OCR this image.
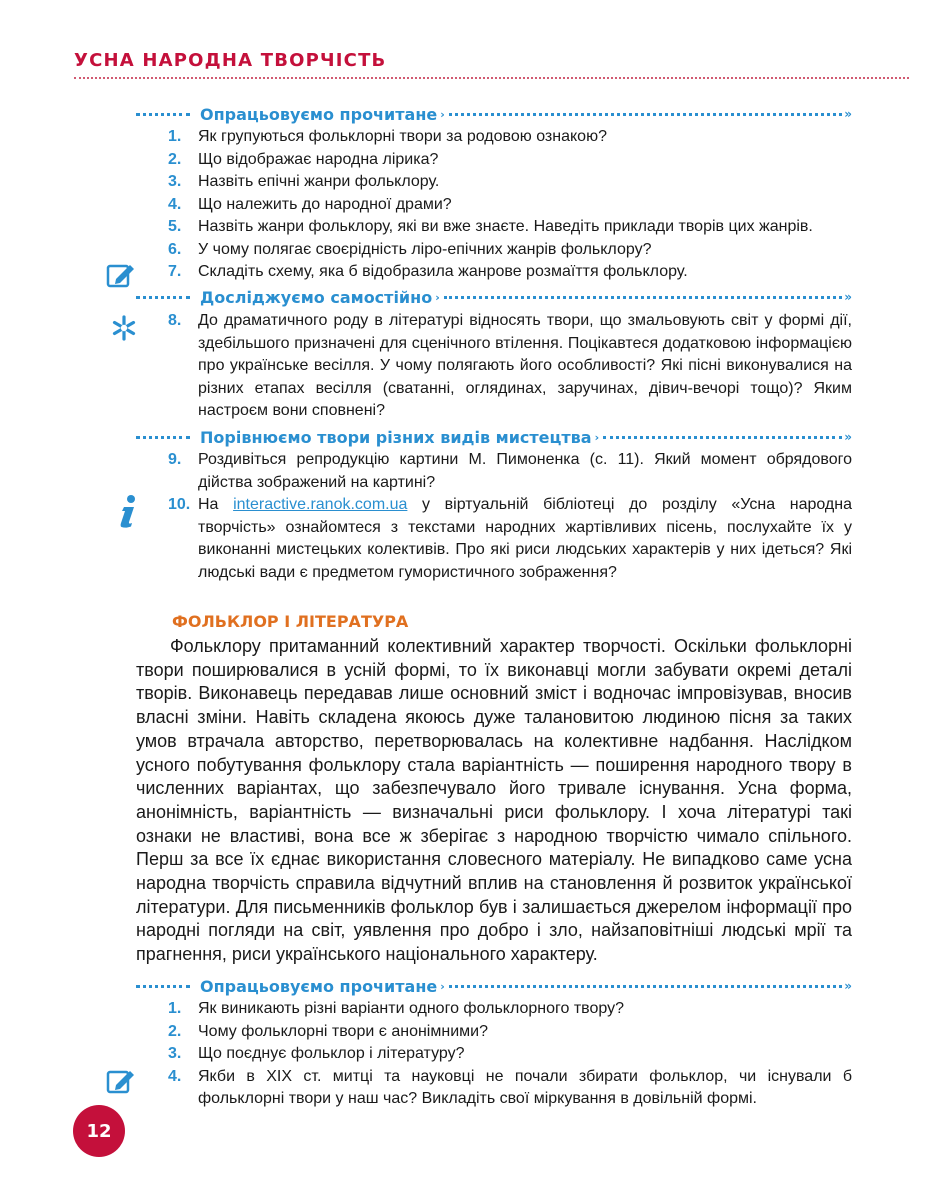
УСНА НАРОДНА ТВОРЧІСТЬ
Опрацьовуємо прочитане ›	»
1.	Як групуються фольклорні твори за родовою ознакою?
2.	Що відображає народна лірика?
3.	Назвіть епічні жанри фольклору.
4.	Що належить до народної драми?
5.	Назвіть жанри фольклору, які ви вже знаєте. Наведіть приклади творів цих жанрів.
6.	У чому полягає своєрідність ліро-епічних жанрів фольклору?
7.	Складіть схему, яка б відобразила жанрове розмаїття фольклору.
Досліджуємо самостійно ›	»
8.	До драматичного роду в літературі відносять твори, що змальовують світ у формі дії, здебільшого призначені для сценічного втілення. Поцікавтеся додатковою інформацією про українське весілля. У чому полягають його особливості? Які пісні виконувалися на різних етапах весілля (сватанні, оглядинах, заручинах, дівич-вечорі тощо)? Яким настроєм вони сповнені?
Порівнюємо твори різних видів мистецтва ›	»
9.	Роздивіться репродукцію картини М. Пимоненка (с. 11). Який момент обрядового дійства зображений на картині?
10. На interactive.ranok.com.ua у віртуальній бібліотеці до розділу «Усна народна творчість» ознайомтеся з текстами народних жартівливих пісень, послухайте їх у виконанні мистецьких колективів. Про які риси людських характерів у них ідеться? Які людські вади є предметом гумористичного зображення?
ФОЛЬКЛОР І ЛІТЕРАТУРА

Фольклору притаманний колективний характер творчості. Оскільки фольклорні твори поширювалися в усній формі, то їх виконавці могли забувати окремі деталі творів. Виконавець передавав лише основний зміст і водночас імпровізував, вносив власні зміни. Навіть складена якоюсь дуже талановитою людиною пісня за таких умов втрачала авторство, перетворювалась на колективне надбання. Наслідком усного побутування фольклору стала варіантність — поширення народного твору в численних варіантах, що забезпечувало його тривале існування. Усна форма, анонімність, варіантність — визначальні риси фольклору. І хоча літературі такі ознаки не властиві, вона все ж зберігає з народною творчістю чимало спільного. Перш за все їх єднає використання словесного матеріалу. Не випадково саме усна народна творчість справила відчутний вплив на становлення й розвиток української літератури. Для письменників фольклор був і залишається джерелом інформації про народні погляди на світ, уявлення про добро і зло, найзаповітніші людські мрії та прагнення, риси українського національного характеру.

Опрацьовуємо прочитане ›	»
1.	Як виникають різні варіанти одного фольклорного твору?
2.	Чому фольклорні твори є анонімними?
3.	Що поєднує фольклор і літературу?
4.	Якби в XIX ст. митці та науковці не почали збирати фольклор, чи існували б фольклорні твори у наш час? Викладіть свої міркування в довільній формі.
12
